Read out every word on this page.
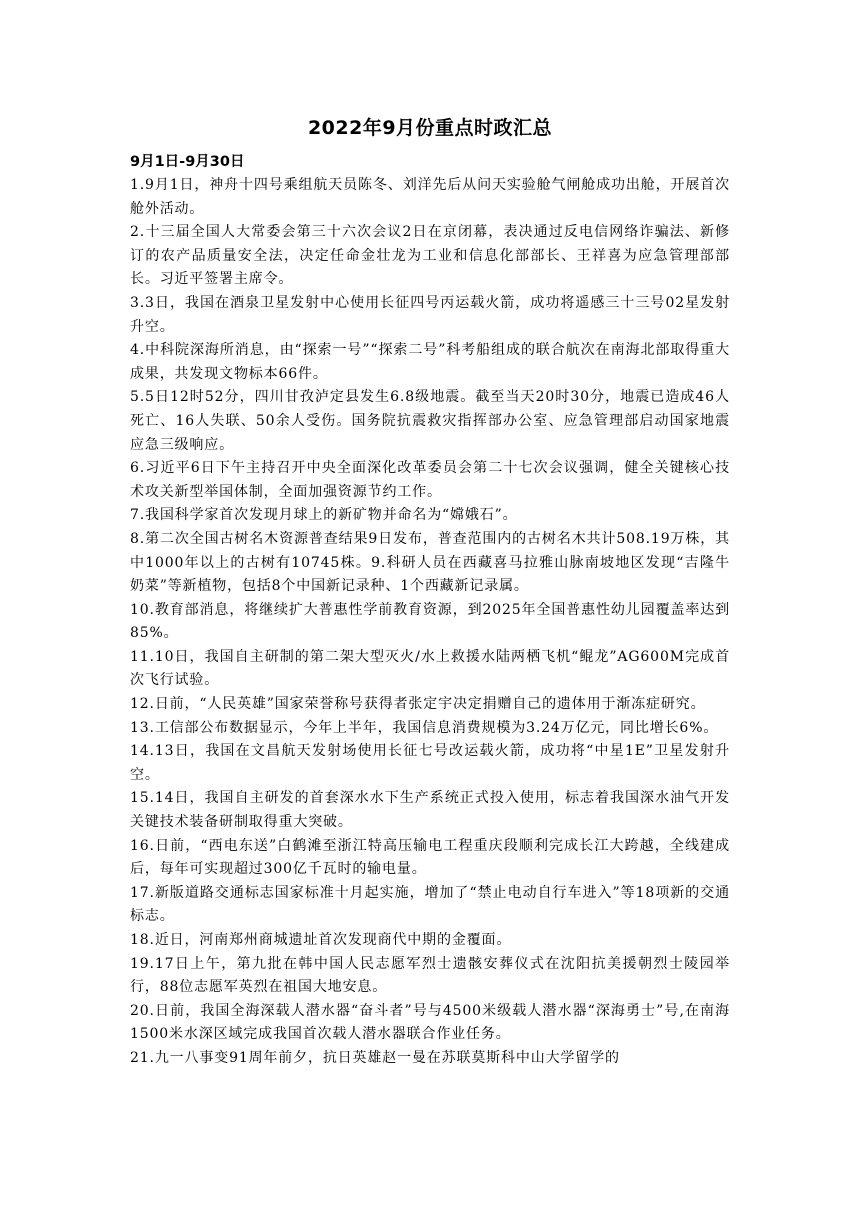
2022年9月份重点时政汇总

9月1日-9月30日

1.9月1日，神舟十四号乘组航天员陈冬、刘洋先后从问天实验舱气闸舱成功出舱，开展首次舱外活动。

2.十三届全国人大常委会第三十六次会议2日在京闭幕，表决通过反电信网络诈骗法、新修订的农产品质量安全法，决定任命金壮龙为工业和信息化部部长、王祥喜为应急管理部部长。习近平签署主席令。

3.3日，我国在酒泉卫星发射中心使用长征四号丙运载火箭，成功将遥感三十三号02星发射升空。

4.中科院深海所消息，由“探索一号”“探索二号”科考船组成的联合航次在南海北部取得重大成果，共发现文物标本66件。

5.5日12时52分，四川甘孜泸定县发生6.8级地震。截至当天20时30分，地震已造成46人死亡、16人失联、50余人受伤。国务院抗震救灾指挥部办公室、应急管理部启动国家地震应急三级响应。

6.习近平6日下午主持召开中央全面深化改革委员会第二十七次会议强调，健全关键核心技术攻关新型举国体制，全面加强资源节约工作。

7.我国科学家首次发现月球上的新矿物并命名为“嫦娥石”。

8.第二次全国古树名木资源普查结果9日发布，普查范围内的古树名木共计508.19万株，其中1000年以上的古树有10745株。9.科研人员在西藏喜马拉雅山脉南坡地区发现“吉隆牛奶菜”等新植物，包括8个中国新记录种、1个西藏新记录属。

10.教育部消息，将继续扩大普惠性学前教育资源，到2025年全国普惠性幼儿园覆盖率达到85%。

11.10日，我国自主研制的第二架大型灭火/水上救援水陆两栖飞机“鲲龙”AG600M完成首次飞行试验。

12.日前，“人民英雄”国家荣誉称号获得者张定宇决定捐赠自己的遗体用于渐冻症研究。

13.工信部公布数据显示，今年上半年，我国信息消费规模为3.24万亿元，同比增长6%。

14.13日，我国在文昌航天发射场使用长征七号改运载火箭，成功将“中星1E”卫星发射升空。

15.14日，我国自主研发的首套深水水下生产系统正式投入使用，标志着我国深水油气开发关键技术装备研制取得重大突破。

16.日前，“西电东送”白鹤滩至浙江特高压输电工程重庆段顺利完成长江大跨越，全线建成后，每年可实现超过300亿千瓦时的输电量。

17.新版道路交通标志国家标准十月起实施，增加了“禁止电动自行车进入”等18项新的交通标志。

18.近日，河南郑州商城遗址首次发现商代中期的金覆面。

19.17日上午，第九批在韩中国人民志愿军烈士遗骸安葬仪式在沈阳抗美援朝烈士陵园举行，88位志愿军英烈在祖国大地安息。

20.日前，我国全海深载人潜水器“奋斗者”号与4500米级载人潜水器“深海勇士”号,在南海1500米水深区域完成我国首次载人潜水器联合作业任务。

21.九一八事变91周年前夕，抗日英雄赵一曼在苏联莫斯科中山大学留学的
